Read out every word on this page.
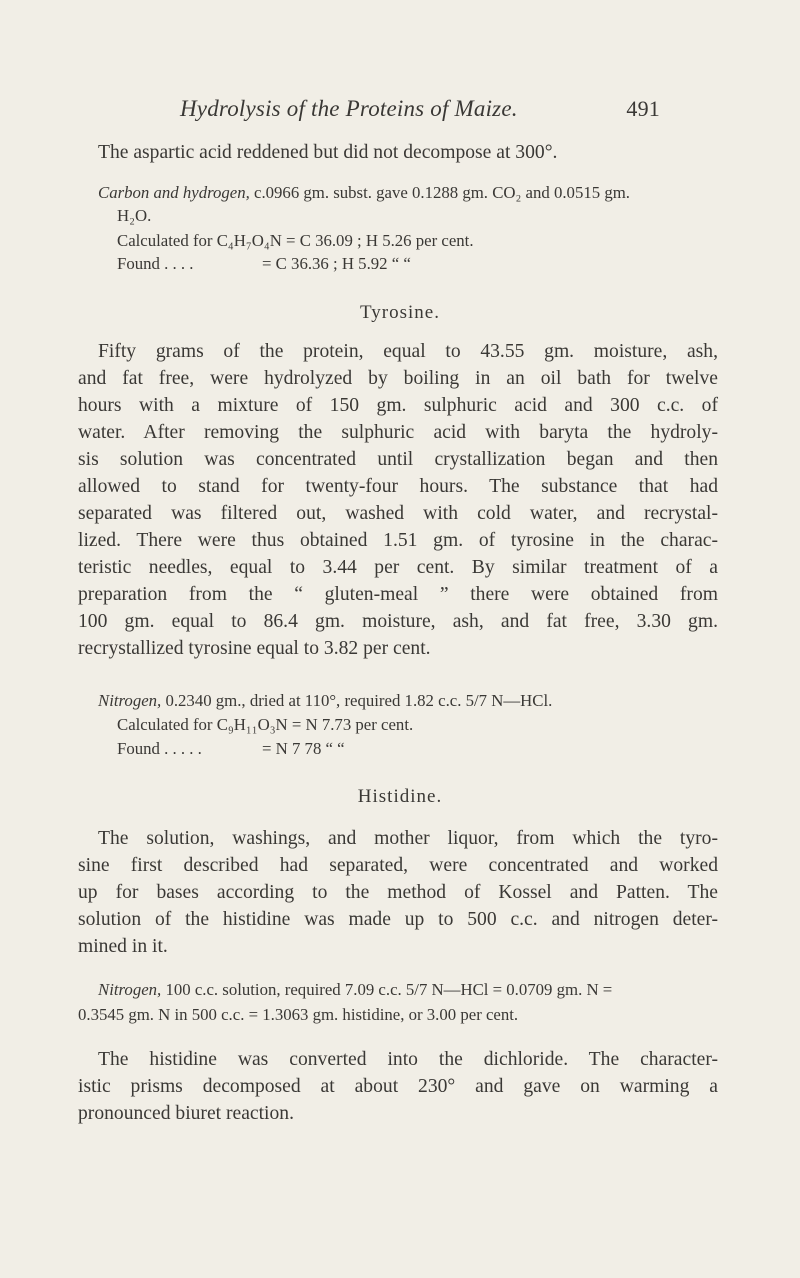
Hydrolysis of the Proteins of Maize.	491
The aspartic acid reddened but did not decompose at 300°.
Carbon and hydrogen, c.0966 gm. subst. gave 0.1288 gm. CO₂ and 0.0515 gm.
H₂O.
Calculated for C₄H₇O₄N = C 36.09 ; H 5.26 per cent.
Found . . . .	= C 36.36 ; H 5.92 “ “
Tyrosine.
Fifty grams of the protein, equal to 43.55 gm. moisture, ash,
and fat free, were hydrolyzed by boiling in an oil bath for twelve
hours with a mixture of 150 gm. sulphuric acid and 300 c.c. of
water. After removing the sulphuric acid with baryta the hydroly-
sis solution was concentrated until crystallization began and then
allowed to stand for twenty-four hours. The substance that had
separated was filtered out, washed with cold water, and recrystal-
lized. There were thus obtained 1.51 gm. of tyrosine in the charac-
teristic needles, equal to 3.44 per cent. By similar treatment of a
preparation from the “ gluten-meal ” there were obtained from
100 gm. equal to 86.4 gm. moisture, ash, and fat free, 3.30 gm.
recrystallized tyrosine equal to 3.82 per cent.
Nitrogen, 0.2340 gm., dried at 110°, required 1.82 c.c. 5/7 N—HCl.
Calculated for C₉H₁₁O₃N = N 7.73 per cent.
Found . . . . .	= N 7 78 “ “
Histidine.
The solution, washings, and mother liquor, from which the tyro-
sine first described had separated, were concentrated and worked
up for bases according to the method of Kossel and Patten. The
solution of the histidine was made up to 500 c.c. and nitrogen deter-
mined in it.
Nitrogen, 100 c.c. solution, required 7.09 c.c. 5/7 N—HCl = 0.0709 gm. N =
0.3545 gm. N in 500 c.c. = 1.3063 gm. histidine, or 3.00 per cent.
The histidine was converted into the dichloride. The character-
istic prisms decomposed at about 230° and gave on warming a
pronounced biuret reaction.
